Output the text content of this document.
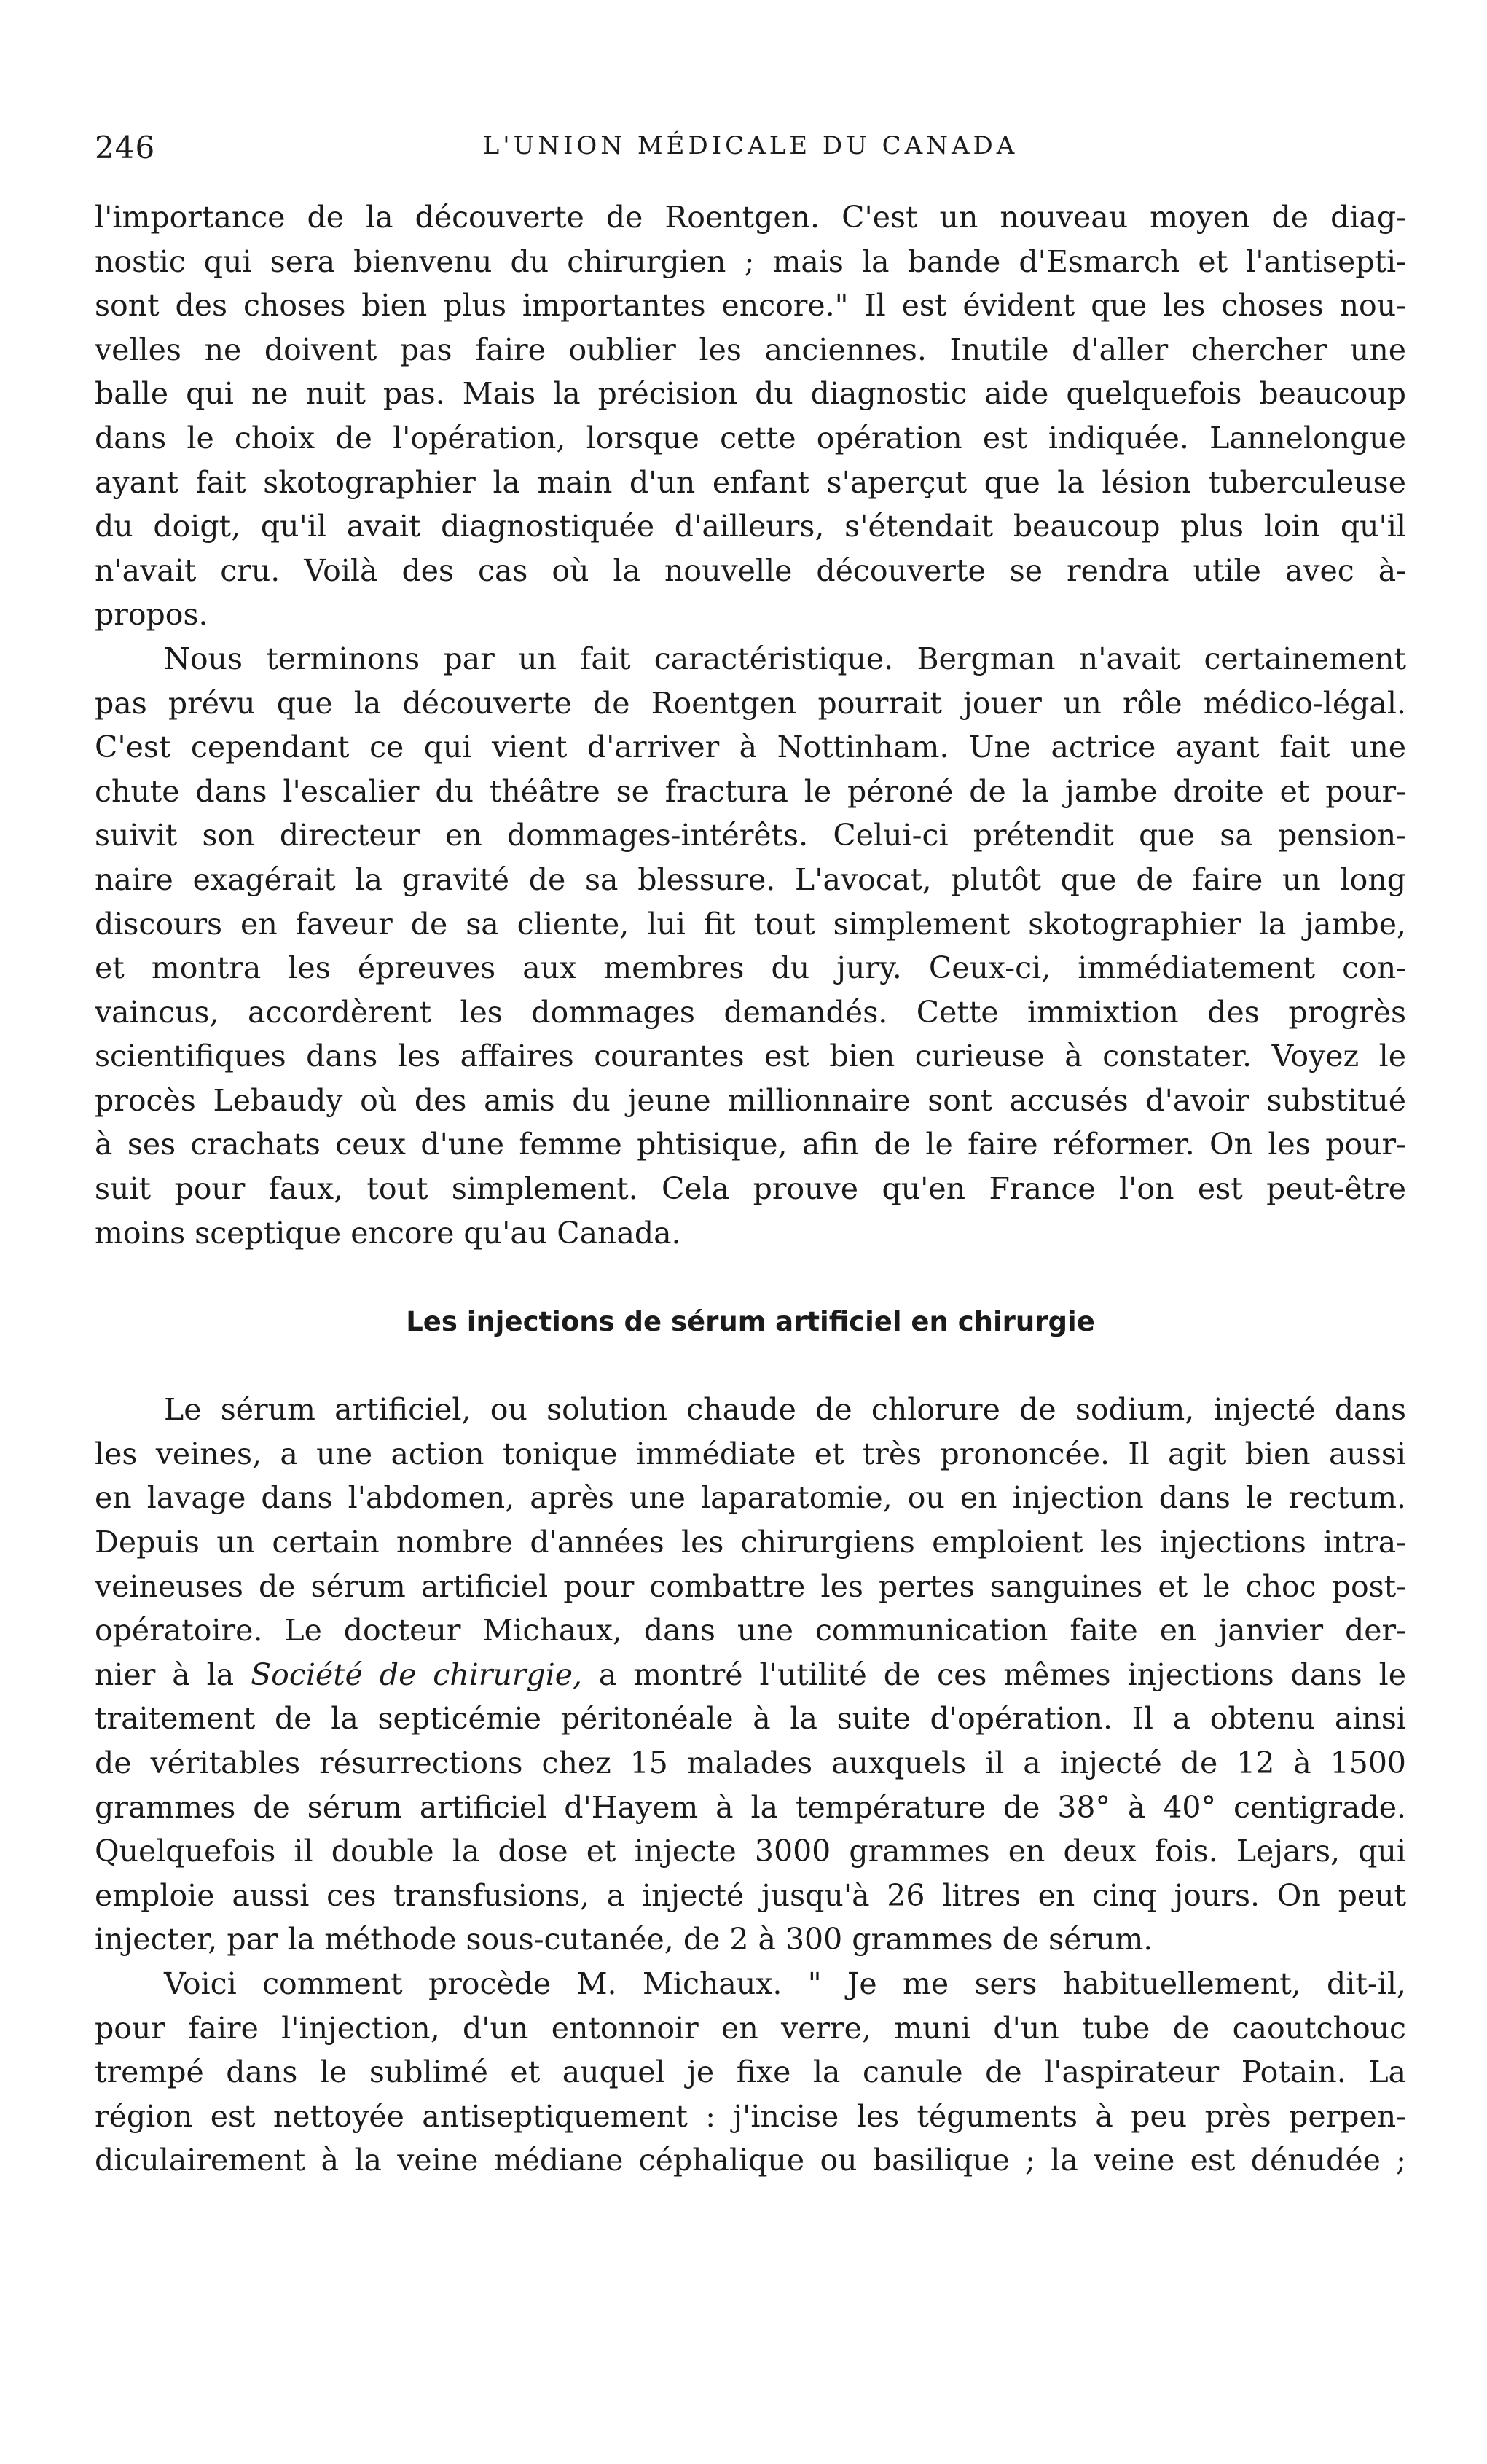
246	L'UNION MÉDICALE DU CANADA
l'importance de la découverte de Roentgen. C'est un nouveau moyen de diag-
nostic qui sera bienvenu du chirurgien ; mais la bande d'Esmarch et l'antisepti-
sont des choses bien plus importantes encore." Il est évident que les choses nou-
velles ne doivent pas faire oublier les anciennes. Inutile d'aller chercher une
balle qui ne nuit pas. Mais la précision du diagnostic aide quelquefois beaucoup
dans le choix de l'opération, lorsque cette opération est indiquée. Lannelongue
ayant fait skotographier la main d'un enfant s'aperçut que la lésion tuberculeuse
du doigt, qu'il avait diagnostiquée d'ailleurs, s'étendait beaucoup plus loin qu'il
n'avait cru. Voilà des cas où la nouvelle découverte se rendra utile avec à-
propos.
Nous terminons par un fait caractéristique. Bergman n'avait certainement
pas prévu que la découverte de Roentgen pourrait jouer un rôle médico-légal.
C'est cependant ce qui vient d'arriver à Nottinham. Une actrice ayant fait une
chute dans l'escalier du théâtre se fractura le péroné de la jambe droite et pour-
suivit son directeur en dommages-intérêts. Celui-ci prétendit que sa pension-
naire exagérait la gravité de sa blessure. L'avocat, plutôt que de faire un long
discours en faveur de sa cliente, lui fit tout simplement skotographier la jambe,
et montra les épreuves aux membres du jury. Ceux-ci, immédiatement con-
vaincus, accordèrent les dommages demandés. Cette immixtion des progrès
scientifiques dans les affaires courantes est bien curieuse à constater. Voyez le
procès Lebaudy où des amis du jeune millionnaire sont accusés d'avoir substitué
à ses crachats ceux d'une femme phtisique, afin de le faire réformer. On les pour-
suit pour faux, tout simplement. Cela prouve qu'en France l'on est peut-être
moins sceptique encore qu'au Canada.
Les injections de sérum artificiel en chirurgie
Le sérum artificiel, ou solution chaude de chlorure de sodium, injecté dans
les veines, a une action tonique immédiate et très prononcée. Il agit bien aussi
en lavage dans l'abdomen, après une laparatomie, ou en injection dans le rectum.
Depuis un certain nombre d'années les chirurgiens emploient les injections intra-
veineuses de sérum artificiel pour combattre les pertes sanguines et le choc post-
opératoire. Le docteur Michaux, dans une communication faite en janvier der-
nier à la Société de chirurgie, a montré l'utilité de ces mêmes injections dans le
traitement de la septicémie péritonéale à la suite d'opération. Il a obtenu ainsi
de véritables résurrections chez 15 malades auxquels il a injecté de 12 à 1500
grammes de sérum artificiel d'Hayem à la température de 38° à 40° centigrade.
Quelquefois il double la dose et injecte 3000 grammes en deux fois. Lejars, qui
emploie aussi ces transfusions, a injecté jusqu'à 26 litres en cinq jours. On peut
injecter, par la méthode sous-cutanée, de 2 à 300 grammes de sérum.
Voici comment procède M. Michaux. " Je me sers habituellement, dit-il,
pour faire l'injection, d'un entonnoir en verre, muni d'un tube de caoutchouc
trempé dans le sublimé et auquel je fixe la canule de l'aspirateur Potain. La
région est nettoyée antiseptiquement : j'incise les téguments à peu près perpen-
diculairement à la veine médiane céphalique ou basilique ; la veine est dénudée ;
